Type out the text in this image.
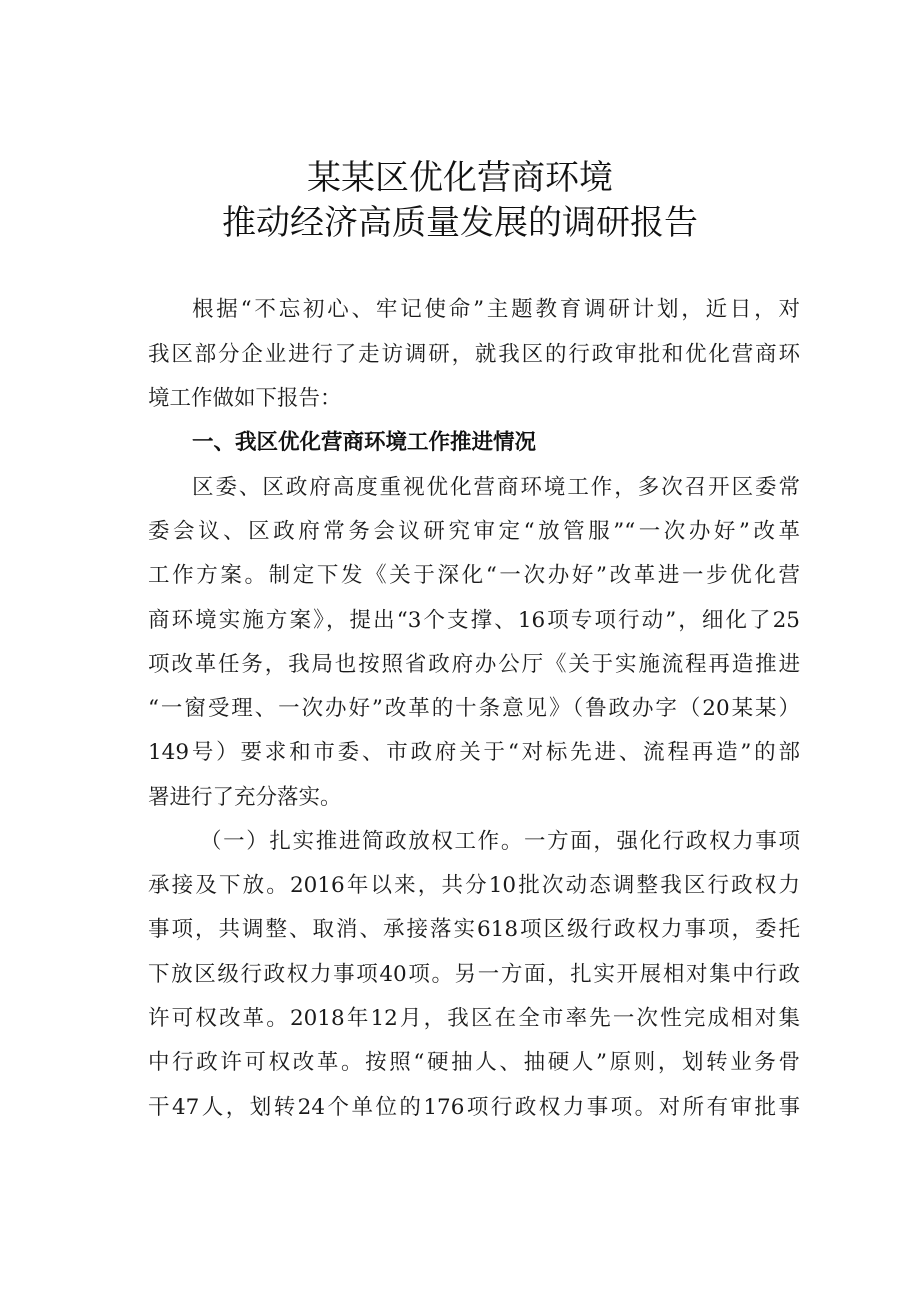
某某区优化营商环境
推动经济高质量发展的调研报告
根据“不忘初心、牢记使命”主题教育调研计划，近日，对
我区部分企业进行了走访调研，就我区的行政审批和优化营商环
境工作做如下报告：
一、我区优化营商环境工作推进情况
区委、区政府高度重视优化营商环境工作，多次召开区委常
委会议、区政府常务会议研究审定“放管服”“一次办好”改革
工作方案。制定下发《关于深化“一次办好”改革进一步优化营
商环境实施方案》，提出“3个支撑、16项专项行动”，细化了25
项改革任务，我局也按照省政府办公厅《关于实施流程再造推进
“一窗受理、一次办好”改革的十条意见》（鲁政办字（20某某）
149号）要求和市委、市政府关于“对标先进、流程再造”的部
署进行了充分落实。
（一）扎实推进简政放权工作。一方面，强化行政权力事项
承接及下放。2016年以来，共分10批次动态调整我区行政权力
事项，共调整、取消、承接落实618项区级行政权力事项，委托
下放区级行政权力事项40项。另一方面，扎实开展相对集中行政
许可权改革。2018年12月，我区在全市率先一次性完成相对集
中行政许可权改革。按照“硬抽人、抽硬人”原则，划转业务骨
干47人，划转24个单位的176项行政权力事项。对所有审批事
